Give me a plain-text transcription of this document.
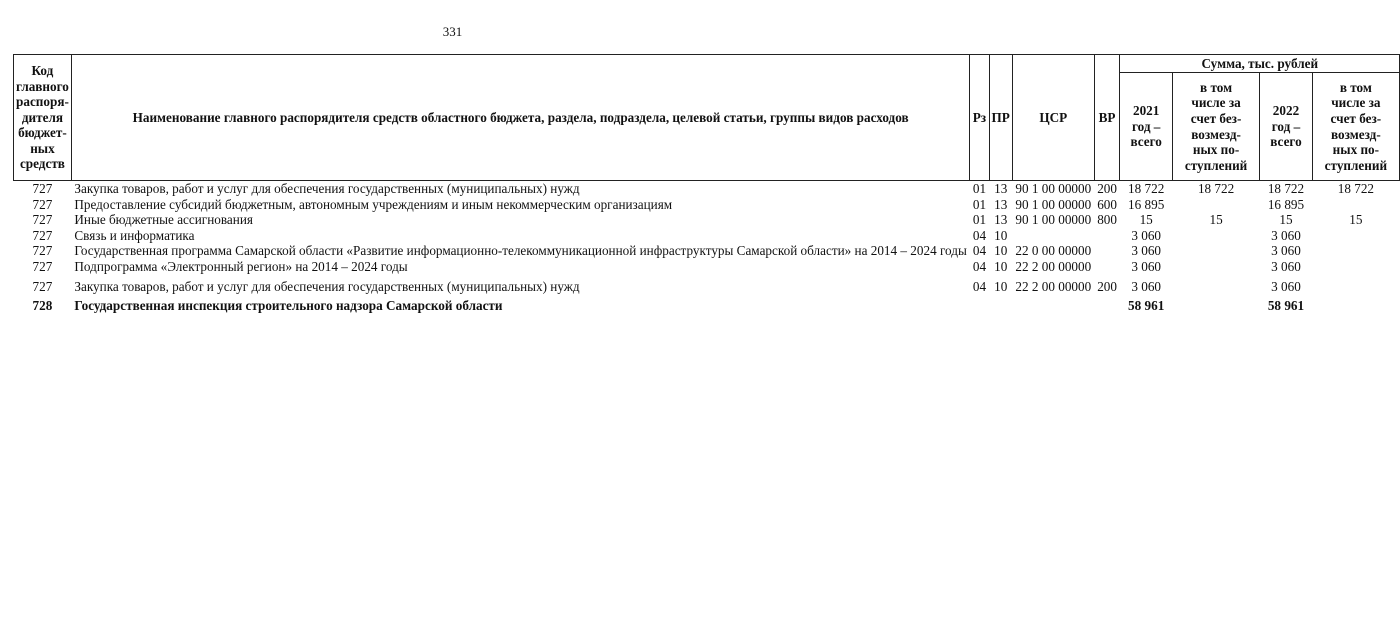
331
Код главного распоря-дителя бюджет-ных средств	Наименование главного распорядителя средств областного бюджета, раздела, подраздела, целевой статьи, группы видов расходов	Рз	ПР	ЦСР	ВР	Сумма, тыс. рублей			
						2021 год – всего	в том числе за счет без-возмезд-ных по-ступлений	2022 год – всего	в том числе за счет без-возмезд-ных по-ступлений
727	Закупка товаров, работ и услуг для обеспечения государственных (муниципальных) нужд	01	13	90 1 00 00000	200	18 722	18 722	18 722	18 722
727	Предоставление субсидий бюджетным, автономным учреждениям и иным некоммерческим организациям	01	13	90 1 00 00000	600	16 895		16 895	
727	Иные бюджетные ассигнования	01	13	90 1 00 00000	800	15	15	15	15
727	Связь и информатика	04	10			3 060		3 060	
727	Государственная программа Самарской области «Развитие информационно-телекоммуникационной инфраструктуры Самарской области» на 2014 – 2024 годы	04	10	22 0 00 00000		3 060		3 060	
727	Подпрограмма «Электронный регион» на 2014 – 2024 годы	04	10	22 2 00 00000		3 060		3 060	

727	Закупка товаров, работ и услуг для обеспечения государственных (муниципальных) нужд	04	10	22 2 00 00000	200	3 060		3 060	

728	Государственная инспекция строительного надзора Самарской области					58 961		58 961	
